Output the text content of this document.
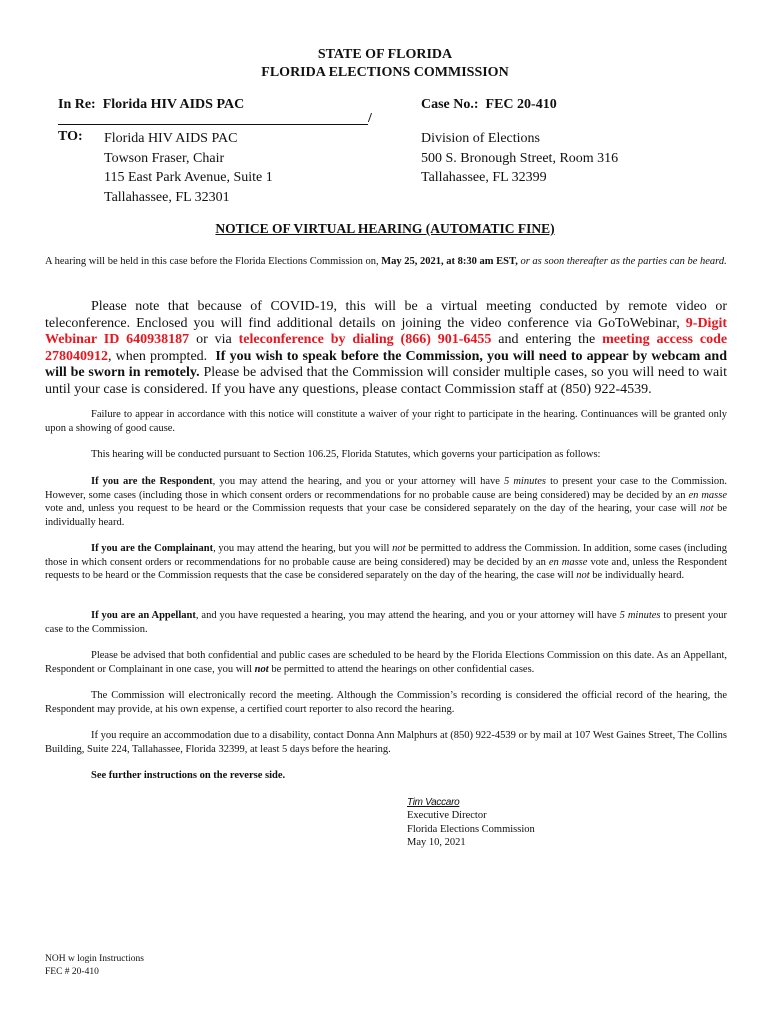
STATE OF FLORIDA
FLORIDA ELECTIONS COMMISSION
In Re: Florida HIV AIDS PAC	Case No.: FEC 20-410
/
TO: Florida HIV AIDS PAC
Towson Fraser, Chair
115 East Park Avenue, Suite 1
Tallahassee, FL 32301
Division of Elections
500 S. Bronough Street, Room 316
Tallahassee, FL 32399
NOTICE OF VIRTUAL HEARING (AUTOMATIC FINE)
A hearing will be held in this case before the Florida Elections Commission on, May 25, 2021, at 8:30 am EST, or as soon thereafter as the parties can be heard.
Please note that because of COVID-19, this will be a virtual meeting conducted by remote video or teleconference. Enclosed you will find additional details on joining the video conference via GoToWebinar, 9-Digit Webinar ID 640938187 or via teleconference by dialing (866) 901-6455 and entering the meeting access code 278040912, when prompted. If you wish to speak before the Commission, you will need to appear by webcam and will be sworn in remotely. Please be advised that the Commission will consider multiple cases, so you will need to wait until your case is considered. If you have any questions, please contact Commission staff at (850) 922-4539.
Failure to appear in accordance with this notice will constitute a waiver of your right to participate in the hearing. Continuances will be granted only upon a showing of good cause.
This hearing will be conducted pursuant to Section 106.25, Florida Statutes, which governs your participation as follows:
If you are the Respondent, you may attend the hearing, and you or your attorney will have 5 minutes to present your case to the Commission. However, some cases (including those in which consent orders or recommendations for no probable cause are being considered) may be decided by an en masse vote and, unless you request to be heard or the Commission requests that your case be considered separately on the day of the hearing, your case will not be individually heard.
If you are the Complainant, you may attend the hearing, but you will not be permitted to address the Commission. In addition, some cases (including those in which consent orders or recommendations for no probable cause are being considered) may be decided by an en masse vote and, unless the Respondent requests to be heard or the Commission requests that the case be considered separately on the day of the hearing, the case will not be individually heard.
If you are an Appellant, and you have requested a hearing, you may attend the hearing, and you or your attorney will have 5 minutes to present your case to the Commission.
Please be advised that both confidential and public cases are scheduled to be heard by the Florida Elections Commission on this date. As an Appellant, Respondent or Complainant in one case, you will not be permitted to attend the hearings on other confidential cases.
The Commission will electronically record the meeting. Although the Commission’s recording is considered the official record of the hearing, the Respondent may provide, at his own expense, a certified court reporter to also record the hearing.
If you require an accommodation due to a disability, contact Donna Ann Malphurs at (850) 922-4539 or by mail at 107 West Gaines Street, The Collins Building, Suite 224, Tallahassee, Florida 32399, at least 5 days before the hearing.
See further instructions on the reverse side.
Tim Vaccaro
Executive Director
Florida Elections Commission
May 10, 2021
NOH w login Instructions
FEC # 20-410
